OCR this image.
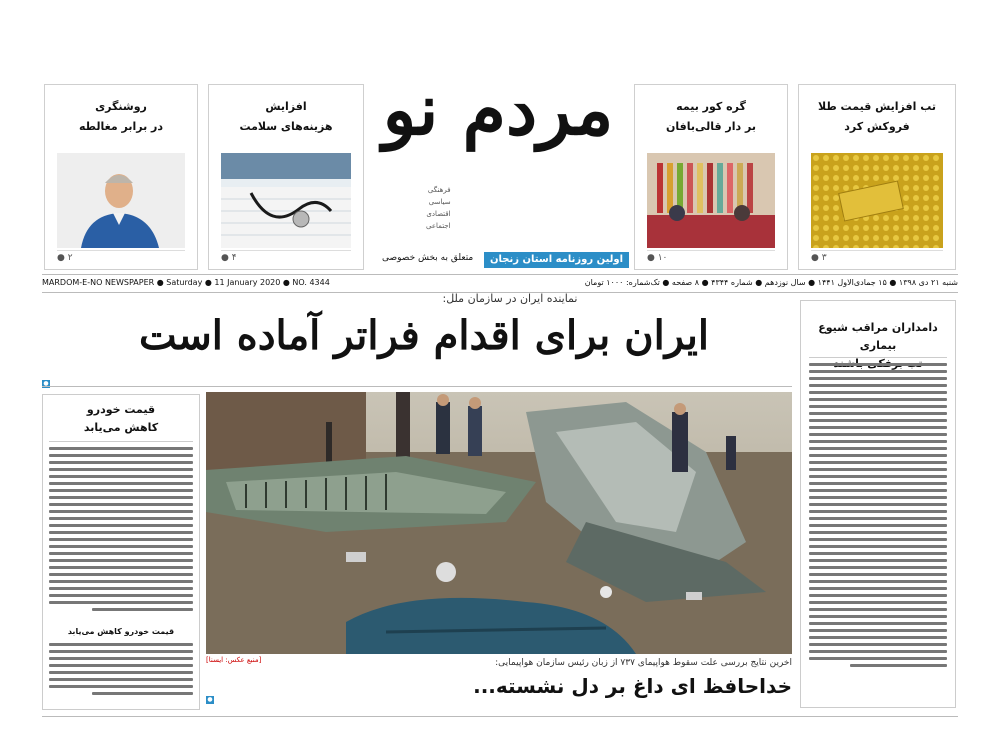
روشنگری
در برابر مغالطه
● ۲
افزایش
هزینه‌های سلامت
● ۴
گره کور بیمه
بر دار قالی‌بافان
● ۱۰
تب افزایش قیمت طلا
فروکش کرد
● ۳
مردم نو
فرهنگی
سیاسی
اقتصادی
اجتماعی
اولین روزنامه استان زنجان
متعلق به بخش خصوصی
MARDOM-E-NO NEWSPAPER ● Saturday ● 11 January 2020 ● NO. 4344	شنبه ۲۱ دی ۱۳۹۸ ● ۱۵ جمادی‌الاول ۱۴۴۱ ● سال نوزدهم ● شماره ۴۳۴۴ ● ۸ صفحه ● تک‌شماره: ۱۰۰۰ تومان
نماینده ایران در سازمان ملل:
ایران برای اقدام فراتر آماده است
●
دامداران مراقب شیوع بیماری
قیمت خودرو
کاهش می‌یابد
قیمت خودرو کاهش می‌یابد
[منبع عکس: ایسنا]	اخرین نتایج بررسی علت سقوط هواپیمای ۷۳۷ از زبان رئیس سازمان هواپیمایی:
خداحافظ ای داغ بر دل نشسته...
●
